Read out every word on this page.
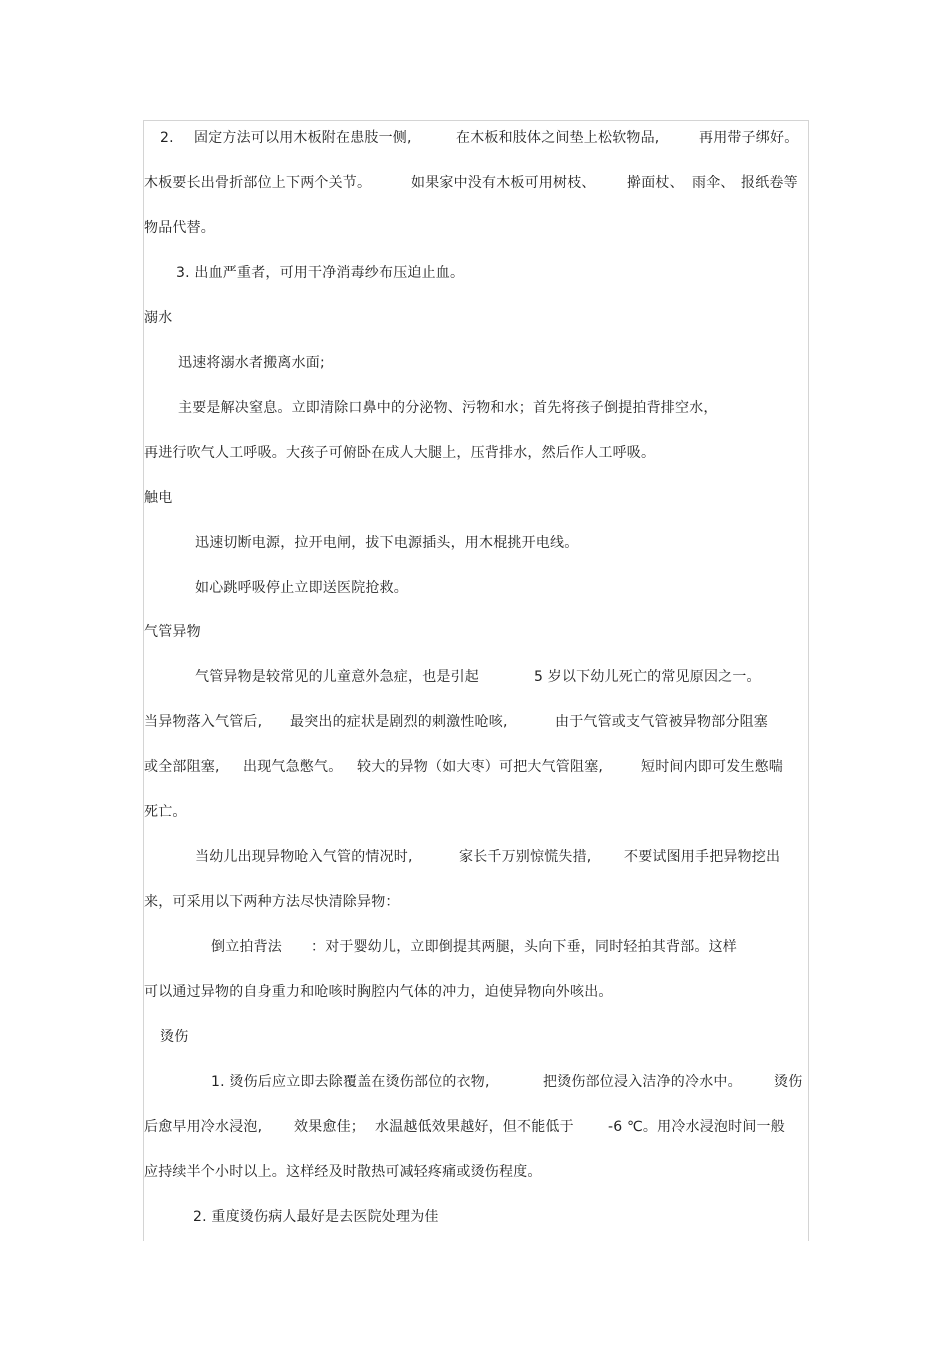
2. 固定方法可以用木板附在患肢一侧,	在木板和肢体之间垫上松软物品,	再用带子绑好。
木板要长出骨折部位上下两个关节。	如果家中没有木板可用树枝、 擀面杖、 雨伞、 报纸卷等
物品代替。
3. 出血严重者，可用干净消毒纱布压迫止血。
溺水
迅速将溺水者搬离水面;
主要是解决窒息。立即清除口鼻中的分泌物、污物和水；首先将孩子倒提拍背排空水，
再进行吹气人工呼吸。大孩子可俯卧在成人大腿上，压背排水，然后作人工呼吸。
触电
迅速切断电源，拉开电闸，拔下电源插头，用木棍挑开电线。
如心跳呼吸停止立即送医院抢救。
气管异物
气管异物是较常见的儿童意外急症，也是引起	5 岁以下幼儿死亡的常见原因之一。
当异物落入气管后, 最突出的症状是剧烈的刺激性呛咳,	由于气管或支气管被异物部分阻塞
或全部阻塞, 出现气急憋气。 较大的异物（如大枣）可把大气管阻塞,	短时间内即可发生憋喘
死亡。
当幼儿出现异物呛入气管的情况时,	家长千万别惊慌失措, 不要试图用手把异物挖出
来，可采用以下两种方法尽快清除异物：
倒立拍背法 ：对于婴幼儿，立即倒提其两腿，头向下垂，同时轻拍其背部。这样
可以通过异物的自身重力和呛咳时胸腔内气体的冲力，迫使异物向外咳出。
烫伤
1. 烫伤后应立即去除覆盖在烫伤部位的衣物,	把烫伤部位浸入洁净的冷水中。 烫伤
后愈早用冷水浸泡, 效果愈佳； 水温越低效果越好，但不能低于 -6 ℃。用冷水浸泡时间一般
应持续半个小时以上。这样经及时散热可减轻疼痛或烫伤程度。
2. 重度烫伤病人最好是去医院处理为佳
